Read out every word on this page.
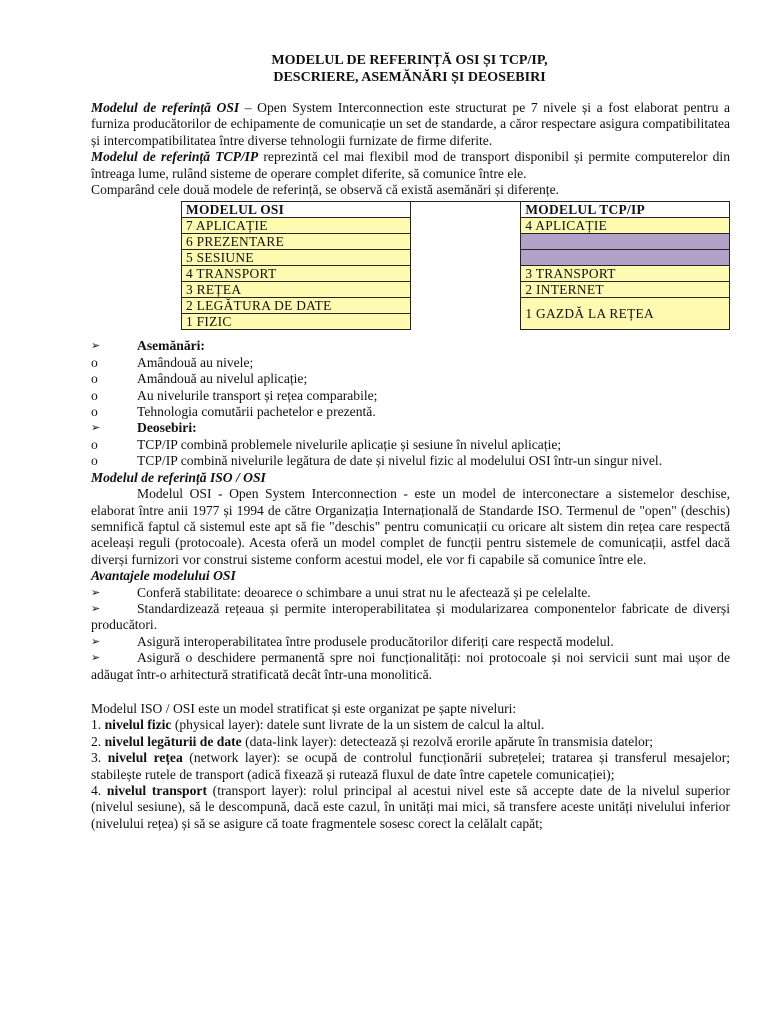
MODELUL DE REFERINȚĂ OSI ȘI TCP/IP,
DESCRIERE, ASEMĂNĂRI ȘI DEOSEBIRI

Modelul de referință OSI – Open System Interconnection este structurat pe 7 nivele și a fost elaborat pentru a furniza producătorilor de echipamente de comunicație un set de standarde, a căror respectare asigura compatibilitatea și intercompatibilitatea între diverse tehnologii furnizate de firme diferite.

Modelul de referință TCP/IP reprezintă cel mai flexibil mod de transport disponibil și permite computerelor din întreaga lume, rulând sisteme de operare complet diferite, să comunice între ele.

Comparând cele două modele de referință, se observă că există asemănări și diferențe.

MODELUL OSI		MODELUL TCP/IP
7 APLICAȚIE		4 APLICAȚIE
6 PREZENTARE		
5 SESIUNE		
4 TRANSPORT		3 TRANSPORT
3 REȚEA		2 INTERNET
2 LEGĂTURA DE DATE		1 GAZDĂ LA REȚEA
1 FIZIC		
➢	Asemănări:
o	Amândouă au nivele;
o	Amândouă au nivelul aplicație;
o	Au nivelurile transport și rețea comparabile;
o	Tehnologia comutării pachetelor e prezentă.
➢	Deosebiri:
o	TCP/IP combină problemele nivelurile aplicație și sesiune în nivelul aplicație;
o	TCP/IP combină nivelurile legătura de date și nivelul fizic al modelului OSI într-un singur nivel.

Modelul de referință ISO / OSI

Modelul OSI - Open System Interconnection - este un model de interconectare a sistemelor deschise, elaborat între anii 1977 și 1994 de către Organizația Internațională de Standarde ISO. Termenul de "open" (deschis) semnifică faptul că sistemul este apt să fie "deschis" pentru comunicații cu oricare alt sistem din rețea care respectă aceleași reguli (protocoale). Acesta oferă un model complet de funcții pentru sistemele de comunicații, astfel dacă diverși furnizori vor construi sisteme conform acestui model, ele vor fi capabile să comunice între ele.

Avantajele modelului OSI

➢	Conferă stabilitate: deoarece o schimbare a unui strat nu le afectează și pe celelalte.
➢	Standardizează rețeaua și permite interoperabilitatea și modularizarea componentelor fabricate de diverși producători.
➢	Asigură interoperabilitatea între produsele producătorilor diferiți care respectă modelul.
➢	Asigură o deschidere permanentă spre noi funcționalități: noi protocoale și noi servicii sunt mai ușor de adăugat într-o arhitectură stratificată decât într-una monolitică.

Modelul ISO / OSI este un model stratificat și este organizat pe șapte niveluri:

1. nivelul fizic (physical layer): datele sunt livrate de la un sistem de calcul la altul.

2. nivelul legăturii de date (data-link layer): detectează și rezolvă erorile apărute în transmisia datelor;

3. nivelul rețea (network layer): se ocupă de controlul funcționării subrețelei; tratarea și transferul mesajelor; stabilește rutele de transport (adică fixează și rutează fluxul de date între capetele comunicației);

4. nivelul transport (transport layer): rolul principal al acestui nivel este să accepte date de la nivelul superior (nivelul sesiune), să le descompună, dacă este cazul, în unități mai mici, să transfere aceste unități nivelului inferior (nivelului rețea) și să se asigure că toate fragmentele sosesc corect la celălalt capăt;
